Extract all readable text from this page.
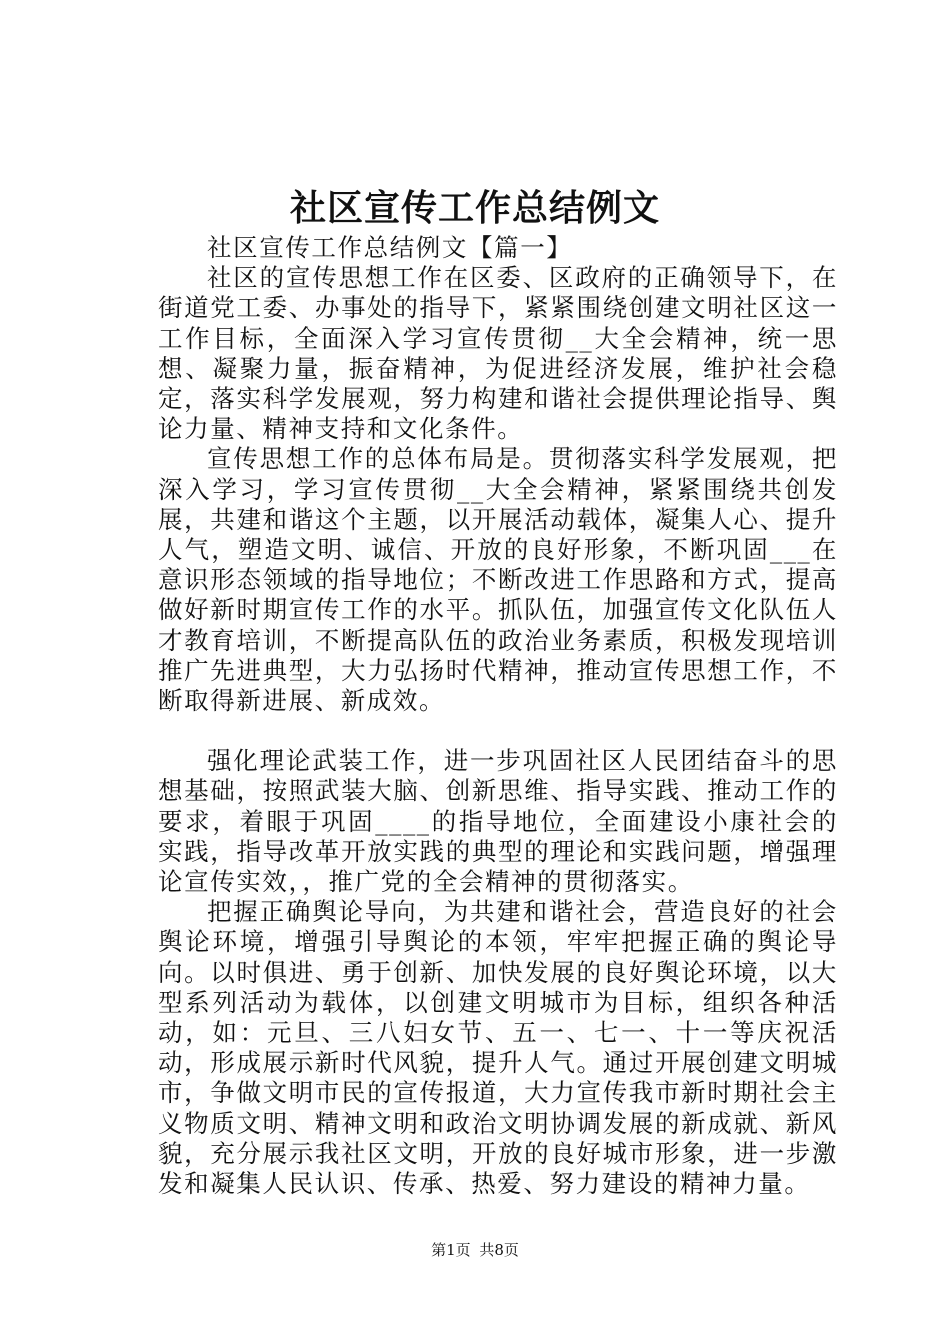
社区宣传工作总结例文

社区宣传工作总结例文【篇一】

社区的宣传思想工作在区委、区政府的正确领导下，在街道党工委、办事处的指导下，紧紧围绕创建文明社区这一工作目标，全面深入学习宣传贯彻__大全会精神，统一思想、凝聚力量，振奋精神，为促进经济发展，维护社会稳定，落实科学发展观，努力构建和谐社会提供理论指导、舆论力量、精神支持和文化条件。

宣传思想工作的总体布局是。贯彻落实科学发展观，把深入学习，学习宣传贯彻__大全会精神，紧紧围绕共创发展，共建和谐这个主题，以开展活动载体，凝集人心、提升人气，塑造文明、诚信、开放的良好形象，不断巩固___在意识形态领域的指导地位；不断改进工作思路和方式，提高做好新时期宣传工作的水平。抓队伍，加强宣传文化队伍人才教育培训，不断提高队伍的政治业务素质，积极发现培训推广先进典型，大力弘扬时代精神，推动宣传思想工作，不断取得新进展、新成效。

强化理论武装工作，进一步巩固社区人民团结奋斗的思想基础，按照武装大脑、创新思维、指导实践、推动工作的要求，着眼于巩固____的指导地位，全面建设小康社会的实践，指导改革开放实践的典型的理论和实践问题，增强理论宣传实效，，推广党的全会精神的贯彻落实。

把握正确舆论导向，为共建和谐社会，营造良好的社会舆论环境，增强引导舆论的本领，牢牢把握正确的舆论导向。以时俱进、勇于创新、加快发展的良好舆论环境，以大型系列活动为载体，以创建文明城市为目标，组织各种活动，如：元旦、三八妇女节、五一、七一、十一等庆祝活动，形成展示新时代风貌，提升人气。通过开展创建文明城市，争做文明市民的宣传报道，大力宣传我市新时期社会主义物质文明、精神文明和政治文明协调发展的新成就、新风貌，充分展示我社区文明，开放的良好城市形象，进一步激发和凝集人民认识、传承、热爱、努力建设的精神力量。

第1页 共8页
